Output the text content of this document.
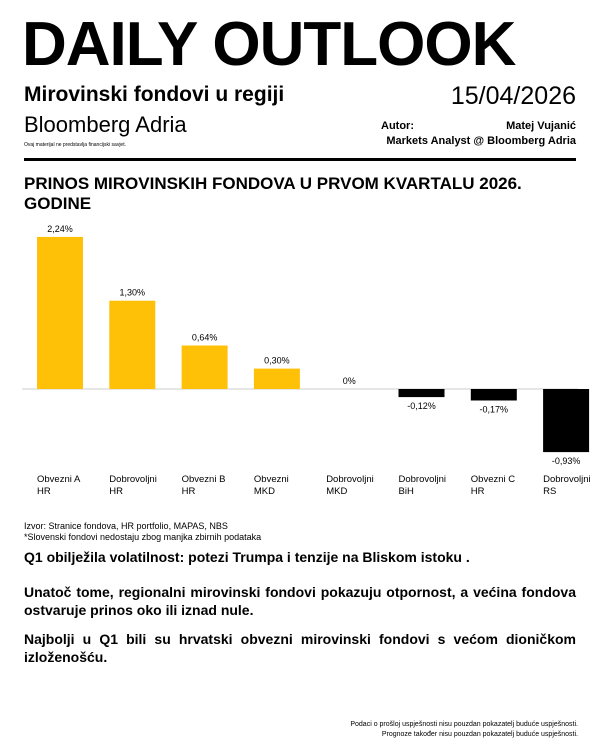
DAILY OUTLOOK
Mirovinski fondovi u regiji	15/04/2026
Bloomberg Adria
Ovaj materijal ne predstavlja financijski savjet.
Autor:	Matej Vujanić
Markets Analyst @ Bloomberg Adria
PRINOS MIROVINSKIH FONDOVA U PRVOM KVARTALU 2026. GODINE
2,24%
Obvezni A
HR
1,30%
Dobrovoljni
HR
0,64%
Obvezni B
HR
0,30%
Obvezni
MKD
0%
Dobrovoljni
MKD
-0,12%
Dobrovoljni
BiH
-0,17%
Obvezni C
HR
-0,93%
Dobrovoljni
RS
Izvor: Stranice fondova, HR portfolio, MAPAS, NBS
*Slovenski fondovi nedostaju zbog manjka zbirnih podataka
Q1 obilježila volatilnost: potezi Trumpa i tenzije na Bliskom istoku .
Unatoč tome, regionalni mirovinski fondovi pokazuju otpornost, a većina fondova ostvaruje prinos oko ili iznad nule.
Najbolji u Q1 bili su hrvatski obvezni mirovinski fondovi s većom dioničkom izloženošću.
Podaci o prošlој uspješnosti nisu pouzdan pokazatelj buduće uspješnosti.
Prognoze također nisu pouzdan pokazatelj buduće uspješnosti.
